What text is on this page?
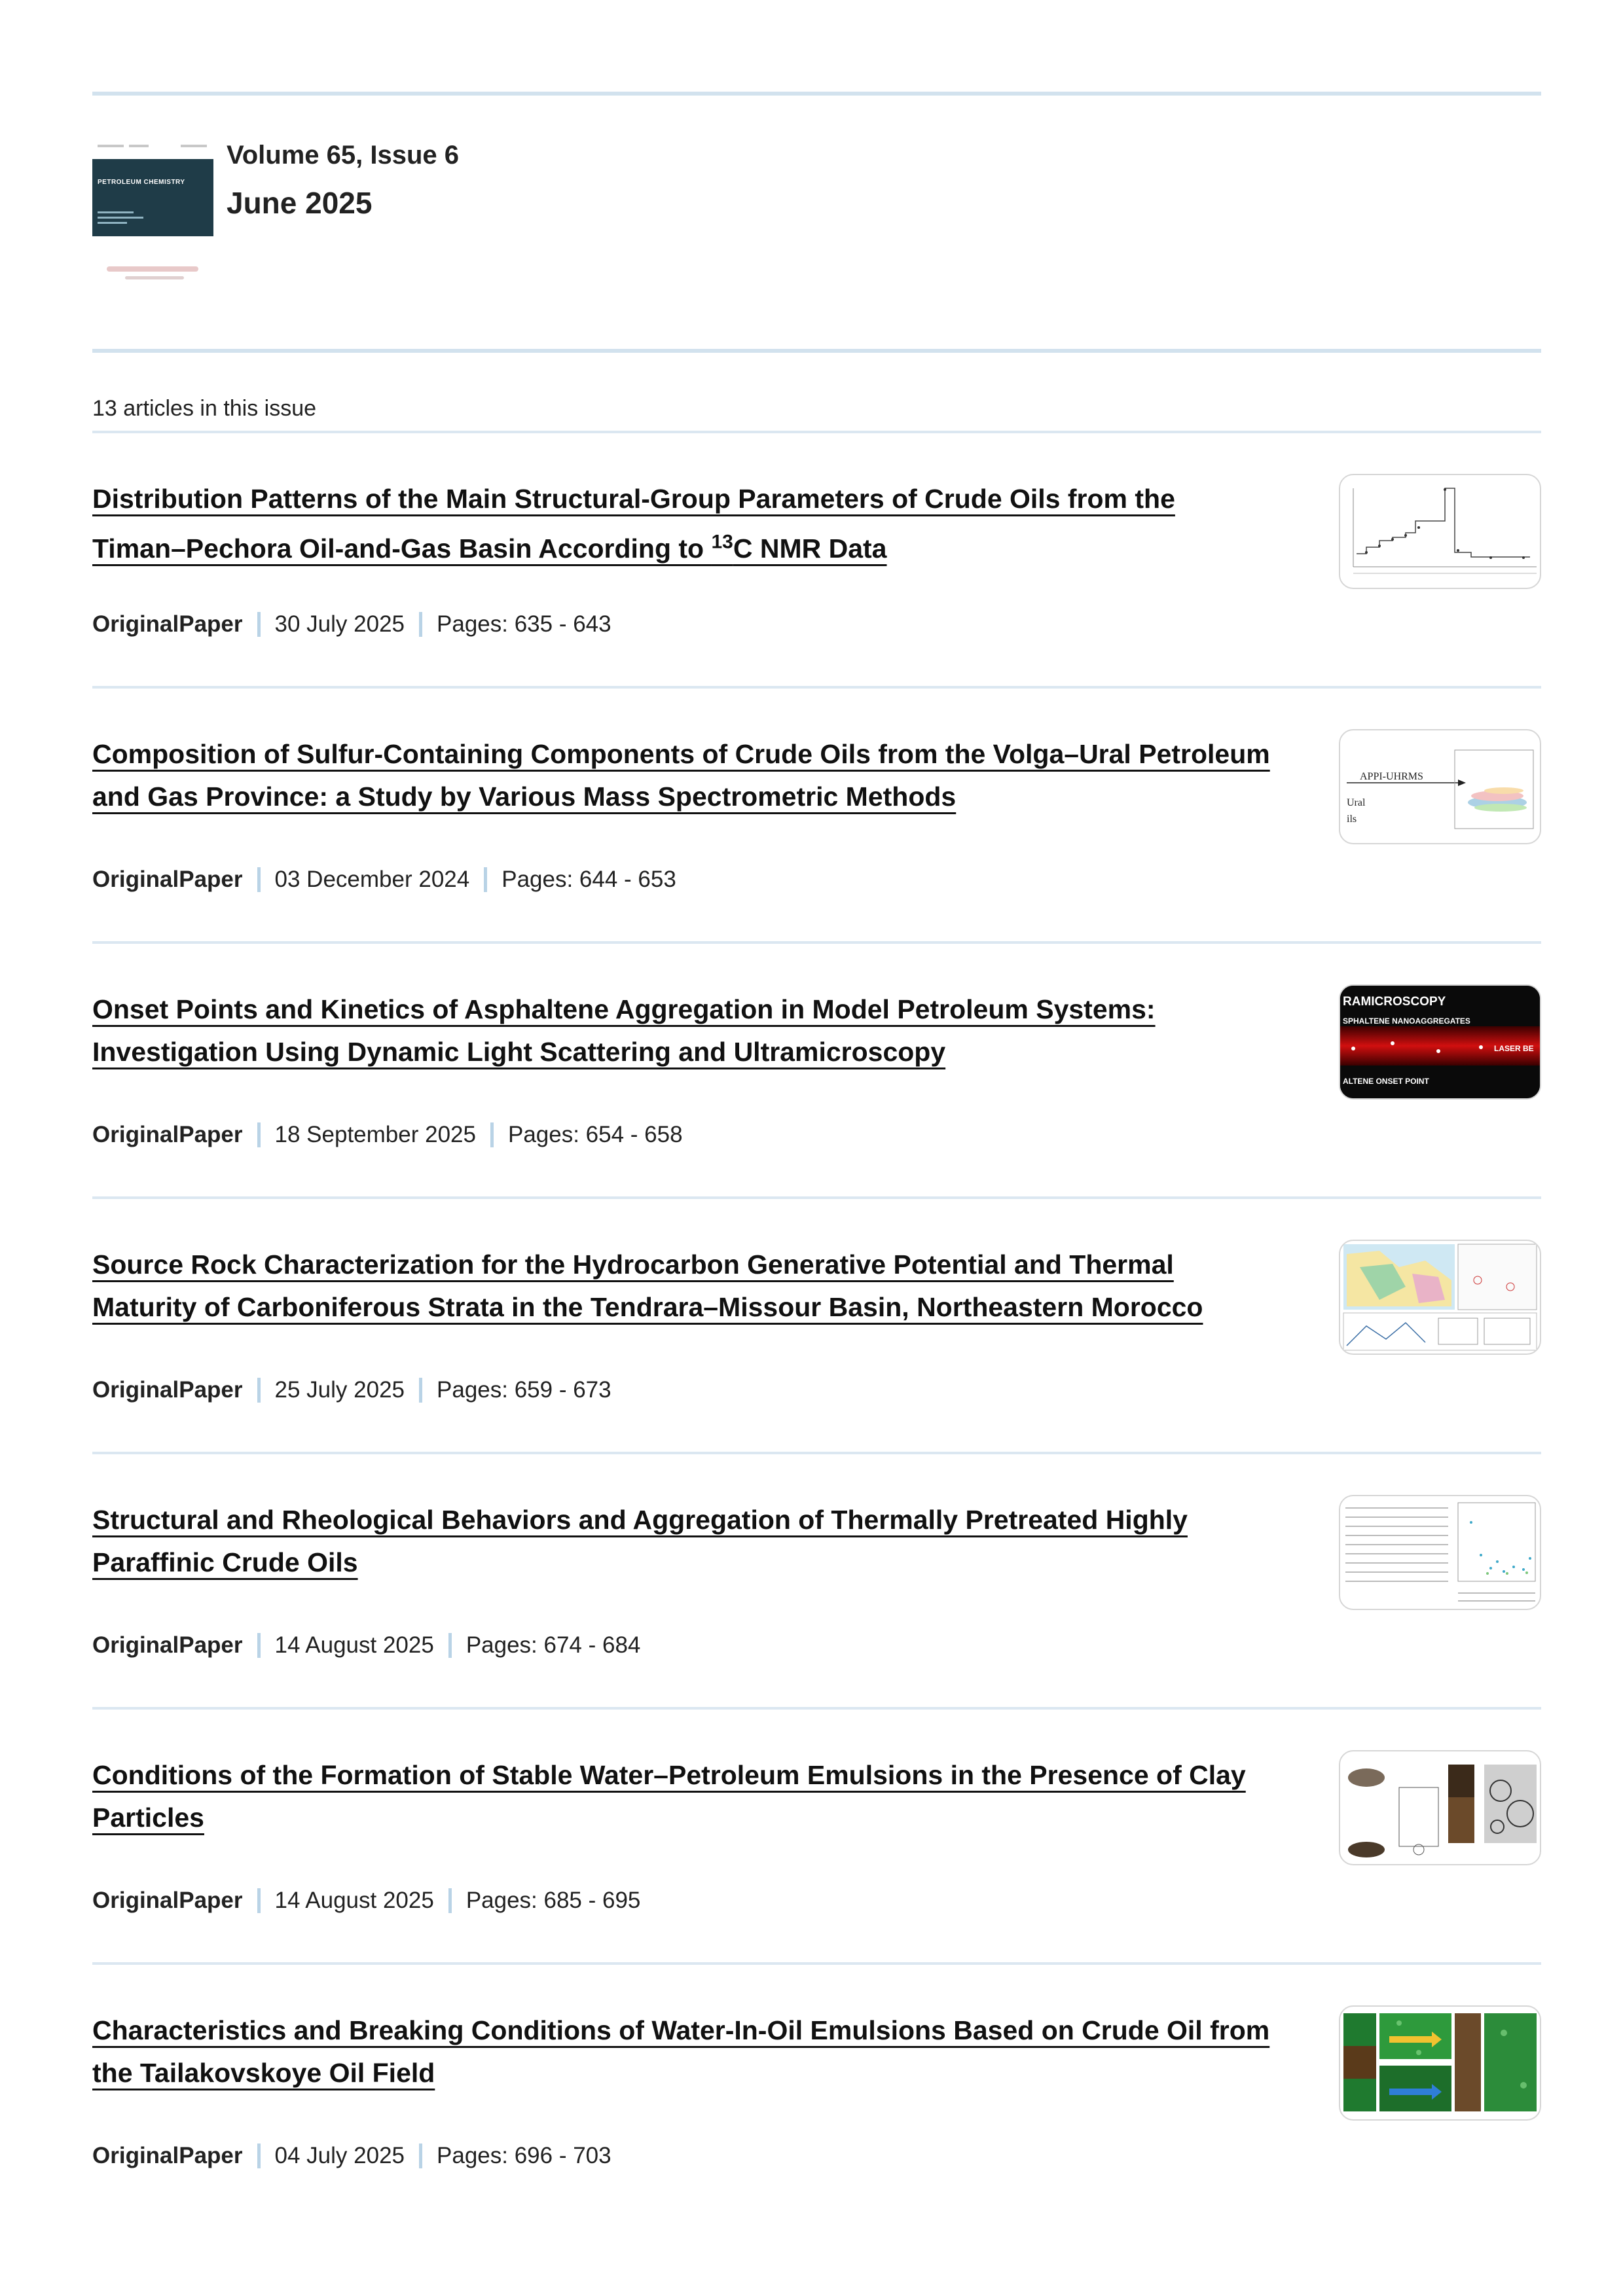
PETROLEUM CHEMISTRY
Volume 65, Issue 6
June 2025
13 articles in this issue
Distribution Patterns of the Main Structural-Group Parameters of Crude Oils from the Timan–Pechora Oil-and-Gas Basin According to $^{13}$C NMR Data
OriginalPaper 30 July 2025 Pages: 635 - 643
Composition of Sulfur-Containing Components of Crude Oils from the Volga–Ural Petroleum and Gas Province: a Study by Various Mass Spectrometric Methods
OriginalPaper 03 December 2024 Pages: 644 - 653
APPI-UHRMS
Ural
ils
Onset Points and Kinetics of Asphaltene Aggregation in Model Petroleum Systems: Investigation Using Dynamic Light Scattering and Ultramicroscopy
OriginalPaper 18 September 2025 Pages: 654 - 658
RAMICROSCOPY
SPHALTENE NANOAGGREGATES
LASER BE
ALTENE ONSET POINT
Source Rock Characterization for the Hydrocarbon Generative Potential and Thermal Maturity of Carboniferous Strata in the Tendrara–Missour Basin, Northeastern Morocco
OriginalPaper 25 July 2025 Pages: 659 - 673
Structural and Rheological Behaviors and Aggregation of Thermally Pretreated Highly Paraffinic Crude Oils
OriginalPaper 14 August 2025 Pages: 674 - 684
Conditions of the Formation of Stable Water–Petroleum Emulsions in the Presence of Clay Particles
OriginalPaper 14 August 2025 Pages: 685 - 695
Characteristics and Breaking Conditions of Water-In-Oil Emulsions Based on Crude Oil from the Tailakovskoye Oil Field
OriginalPaper 04 July 2025 Pages: 696 - 703
